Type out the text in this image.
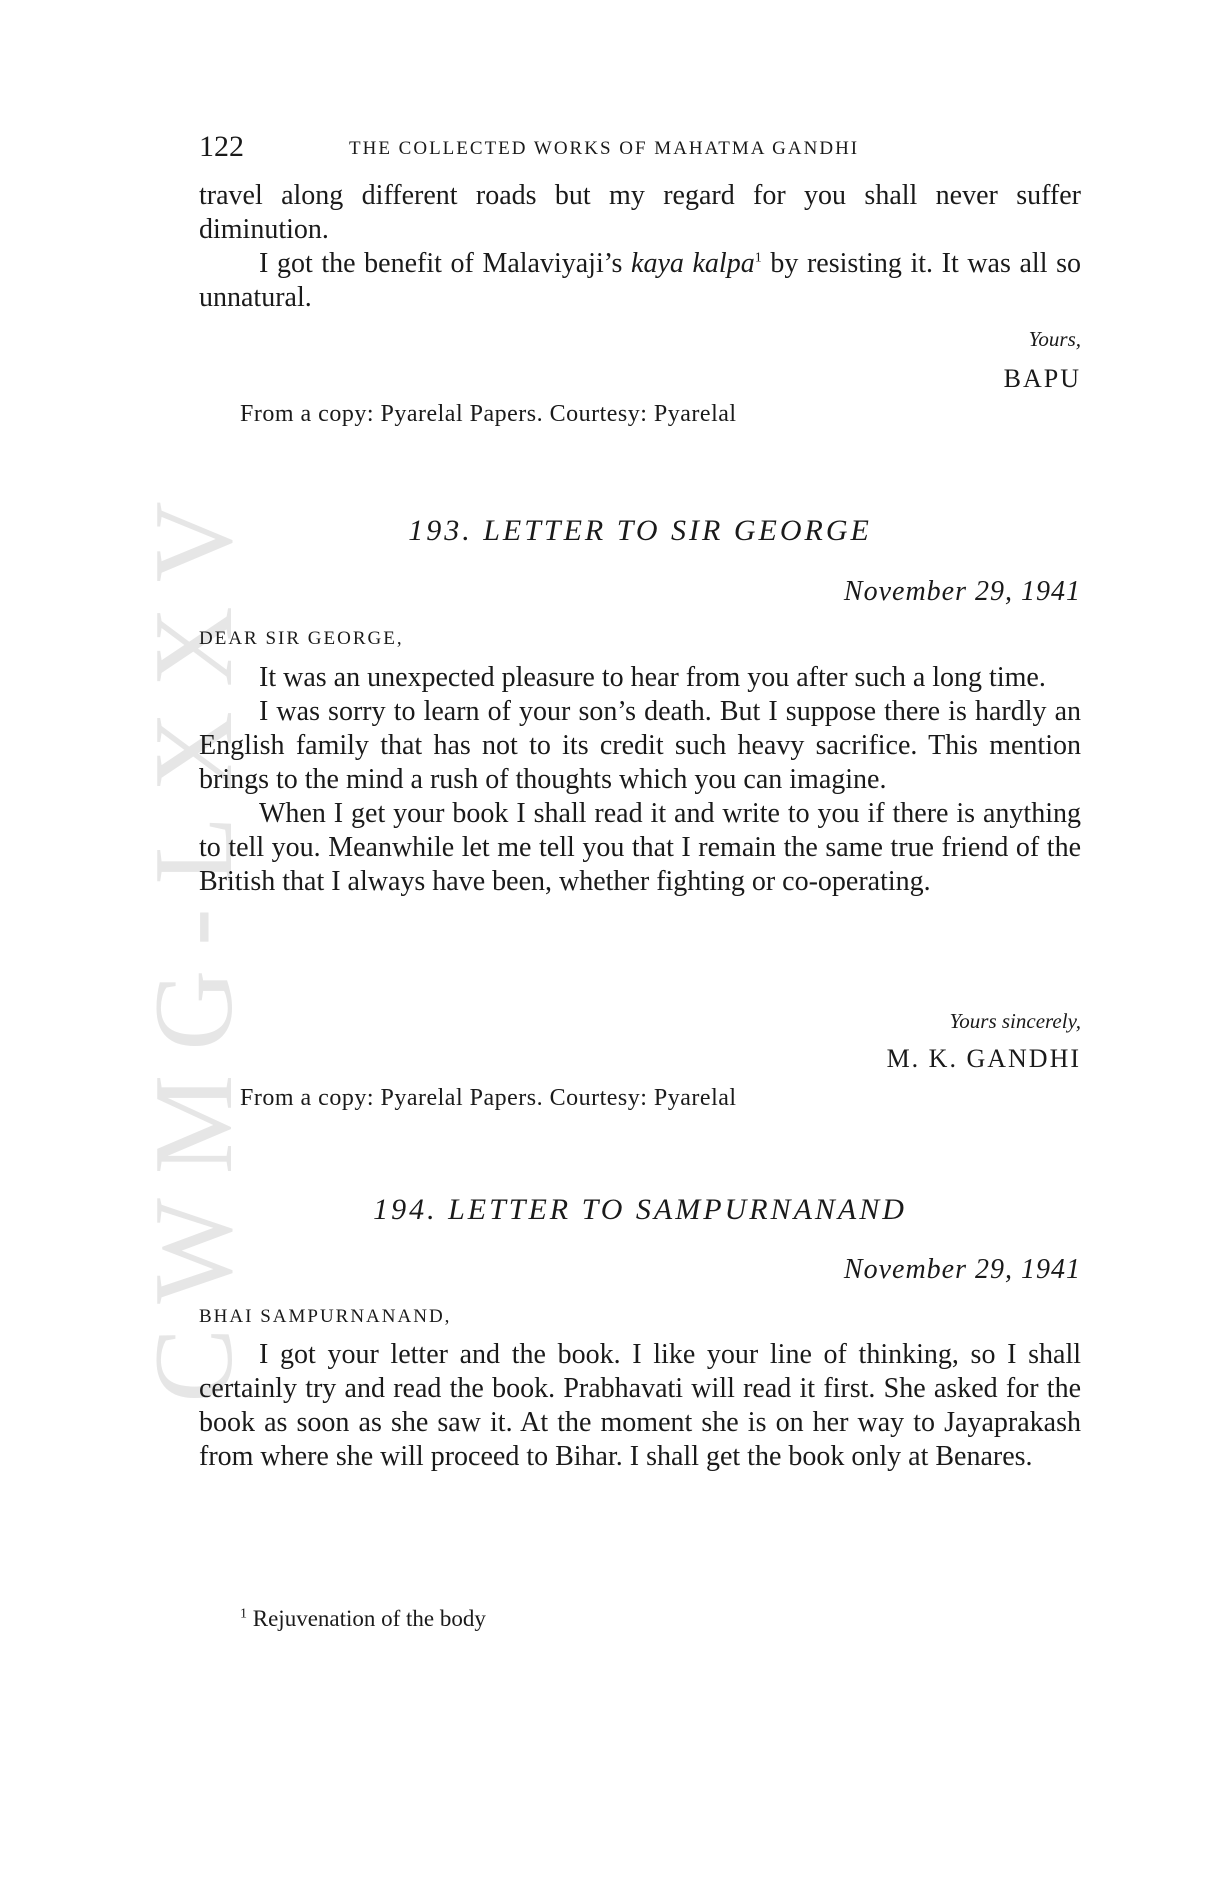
CWMG-LXXV
122	THE COLLECTED WORKS OF MAHATMA GANDHI

travel along different roads but my regard for you shall never suffer diminution.

I got the benefit of Malaviyaji’s kaya kalpa$^1$ by resisting it. It was all so unnatural.

Yours,
BAPU
From a copy: Pyarelal Papers. Courtesy: Pyarelal
193. LETTER TO SIR GEORGE
November 29, 1941
DEAR SIR GEORGE,

It was an unexpected pleasure to hear from you after such a long time.

I was sorry to learn of your son’s death. But I suppose there is hardly an English family that has not to its credit such heavy sacrifice. This mention brings to the mind a rush of thoughts which you can imagine.

When I get your book I shall read it and write to you if there is anything to tell you. Meanwhile let me tell you that I remain the same true friend of the British that I always have been, whether fighting or co-operating.

Yours sincerely,
M. K. GANDHI
From a copy: Pyarelal Papers. Courtesy: Pyarelal
194. LETTER TO SAMPURNANAND
November 29, 1941
BHAI SAMPURNANAND,

I got your letter and the book. I like your line of thinking, so I shall certainly try and read the book. Prabhavati will read it first. She asked for the book as soon as she saw it. At the moment she is on her way to Jayaprakash from where she will proceed to Bihar. I shall get the book only at Benares.

$^1$ Rejuvenation of the body
